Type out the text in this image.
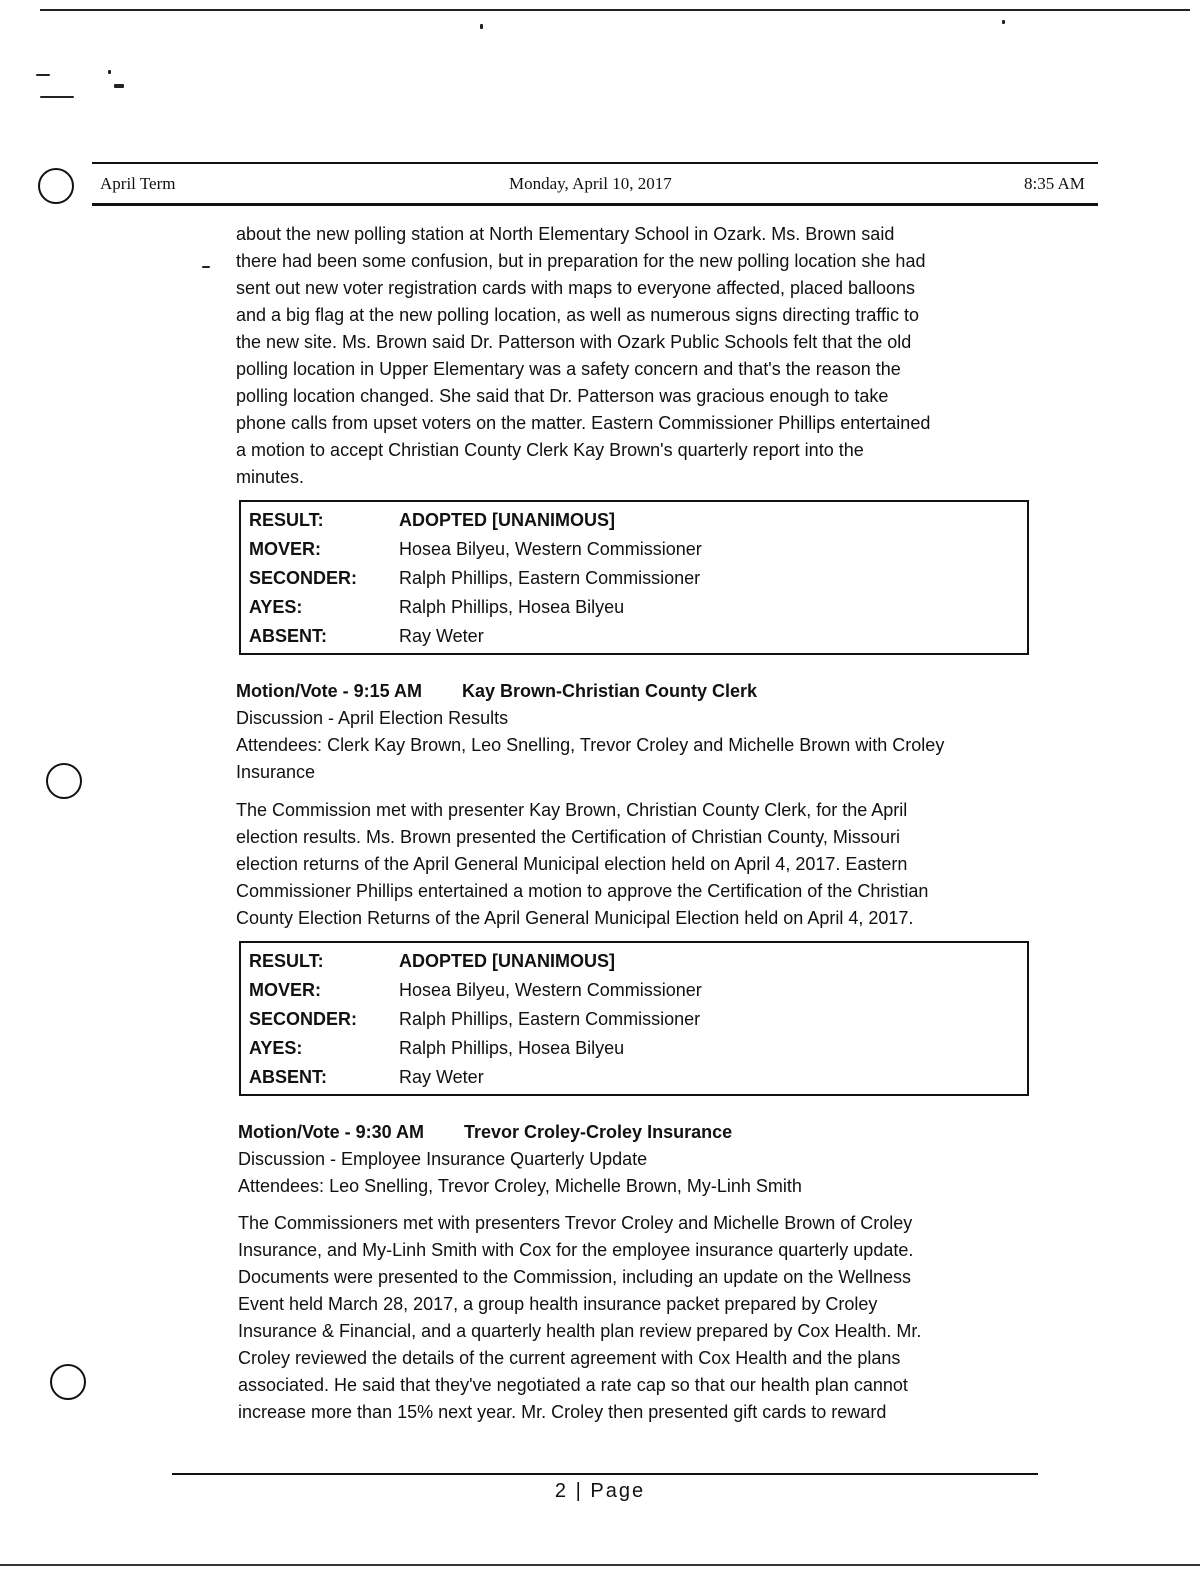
April Term	Monday, April 10, 2017	8:35 AM
about the new polling station at North Elementary School in Ozark. Ms. Brown said
there had been some confusion, but in preparation for the new polling location she had
sent out new voter registration cards with maps to everyone affected, placed balloons
and a big flag at the new polling location, as well as numerous signs directing traffic to
the new site. Ms. Brown said Dr. Patterson with Ozark Public Schools felt that the old
polling location in Upper Elementary was a safety concern and that's the reason the
polling location changed. She said that Dr. Patterson was gracious enough to take
phone calls from upset voters on the matter. Eastern Commissioner Phillips entertained
a motion to accept Christian County Clerk Kay Brown's quarterly report into the
minutes.
RESULT:	ADOPTED [UNANIMOUS]
MOVER:	Hosea Bilyeu, Western Commissioner
SECONDER:	Ralph Phillips, Eastern Commissioner
AYES:	Ralph Phillips, Hosea Bilyeu
ABSENT:	Ray Weter
Motion/Vote - 9:15 AM Kay Brown-Christian County Clerk
Discussion - April Election Results
Attendees: Clerk Kay Brown, Leo Snelling, Trevor Croley and Michelle Brown with Croley
Insurance
The Commission met with presenter Kay Brown, Christian County Clerk, for the April
election results. Ms. Brown presented the Certification of Christian County, Missouri
election returns of the April General Municipal election held on April 4, 2017. Eastern
Commissioner Phillips entertained a motion to approve the Certification of the Christian
County Election Returns of the April General Municipal Election held on April 4, 2017.
RESULT:	ADOPTED [UNANIMOUS]
MOVER:	Hosea Bilyeu, Western Commissioner
SECONDER:	Ralph Phillips, Eastern Commissioner
AYES:	Ralph Phillips, Hosea Bilyeu
ABSENT:	Ray Weter
Motion/Vote - 9:30 AM Trevor Croley-Croley Insurance
Discussion - Employee Insurance Quarterly Update
Attendees: Leo Snelling, Trevor Croley, Michelle Brown, My-Linh Smith
The Commissioners met with presenters Trevor Croley and Michelle Brown of Croley
Insurance, and My-Linh Smith with Cox for the employee insurance quarterly update.
Documents were presented to the Commission, including an update on the Wellness
Event held March 28, 2017, a group health insurance packet prepared by Croley
Insurance & Financial, and a quarterly health plan review prepared by Cox Health. Mr.
Croley reviewed the details of the current agreement with Cox Health and the plans
associated. He said that they've negotiated a rate cap so that our health plan cannot
increase more than 15% next year. Mr. Croley then presented gift cards to reward
2 | Page
